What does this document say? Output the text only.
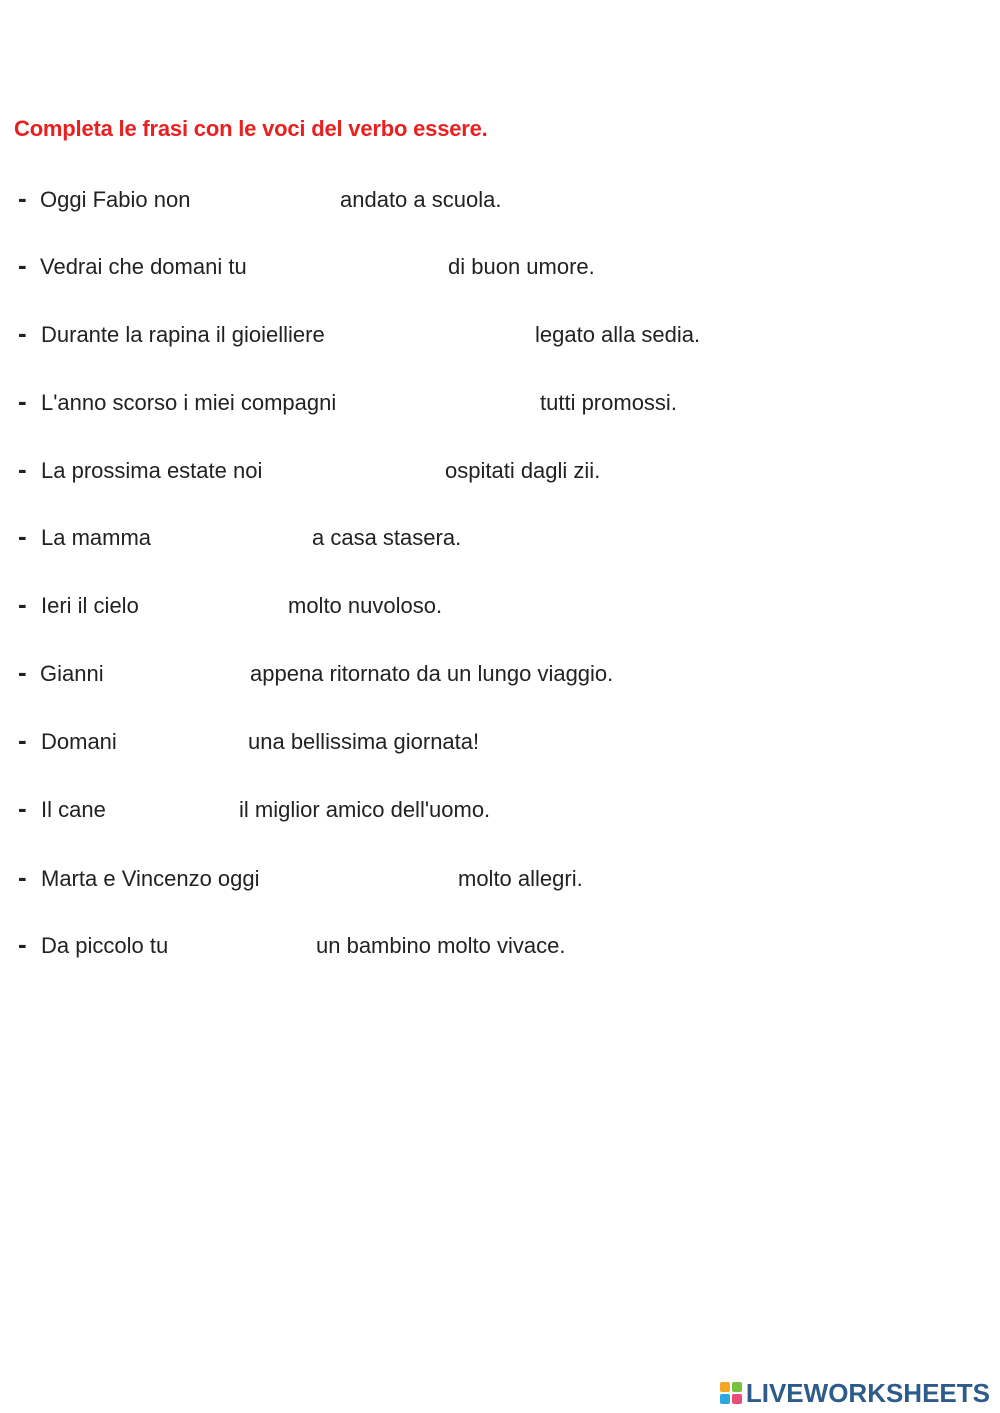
Completa le frasi con le voci del verbo essere.
- Oggi Fabio non	andato a scuola.
- Vedrai che domani tu	di buon umore.
- Durante la rapina il gioielliere	legato alla sedia.
- L'anno scorso i miei compagni	tutti promossi.
- La prossima estate noi	ospitati dagli zii.
- La mamma	a casa stasera.
- Ieri il cielo	molto nuvoloso.
- Gianni	appena ritornato da un lungo viaggio.
- Domani	una bellissima giornata!
- Il cane	il miglior amico dell'uomo.
- Marta e Vincenzo oggi	molto allegri.
- Da piccolo tu	un bambino molto vivace.
LIVEWORKSHEETS
